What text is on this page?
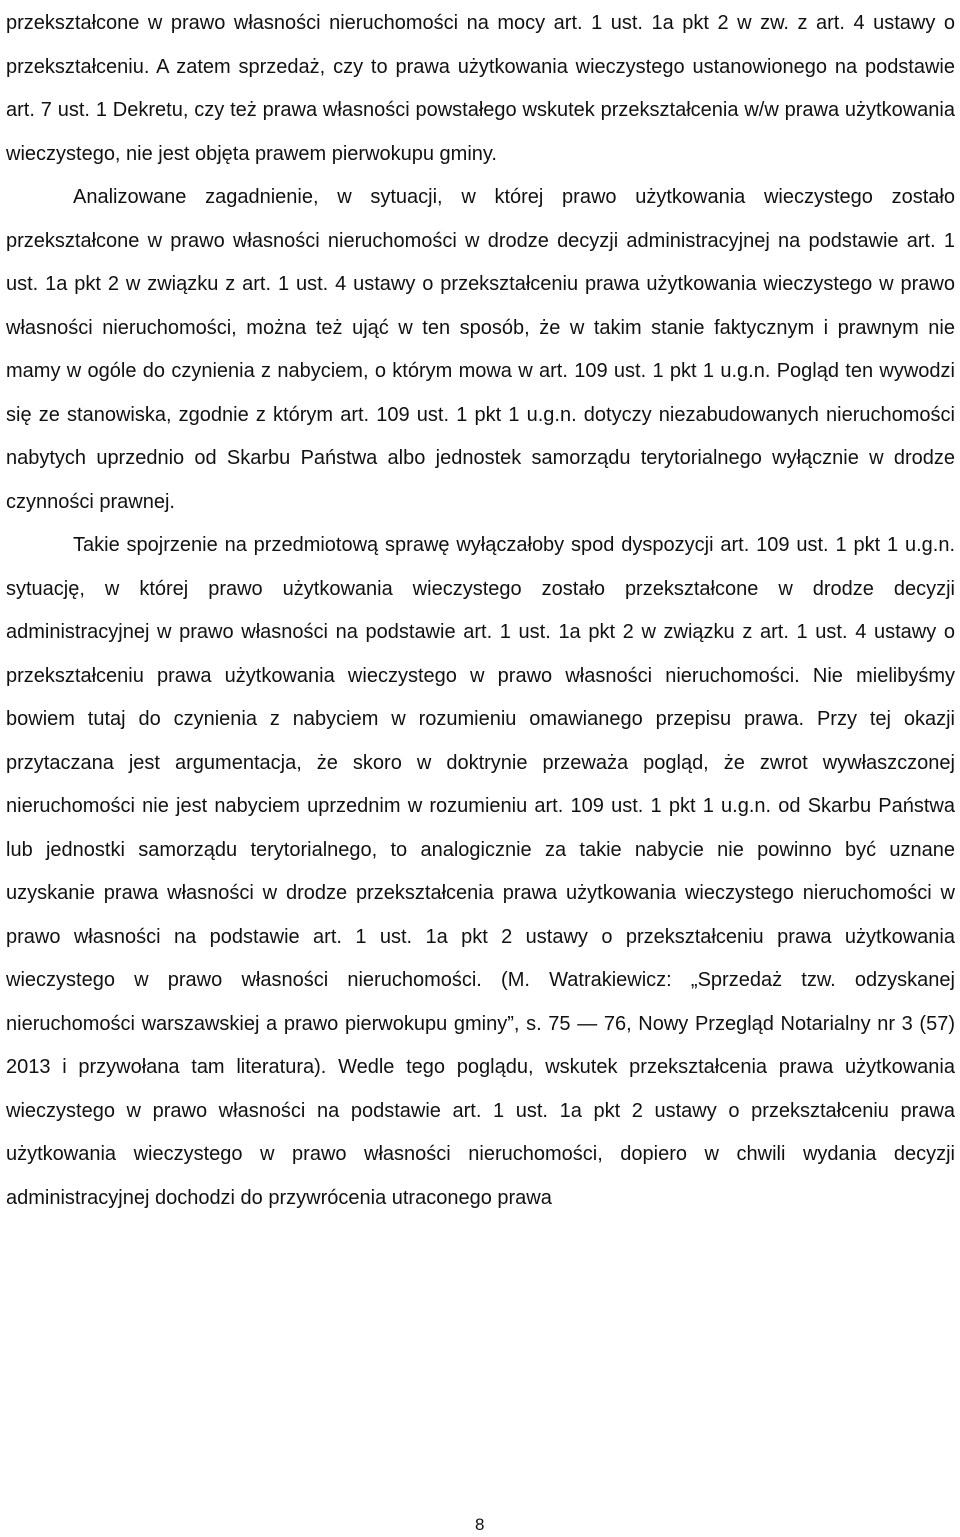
przekształcone w prawo własności nieruchomości na mocy art. 1 ust. 1a pkt 2 w zw. z art. 4 ustawy o przekształceniu. A zatem sprzedaż, czy to prawa użytkowania wieczystego ustanowionego na podstawie art. 7 ust. 1 Dekretu, czy też prawa własności powstałego wskutek przekształcenia w/w prawa użytkowania wieczystego, nie jest objęta prawem pierwokupu gminy.

Analizowane zagadnienie, w sytuacji, w której prawo użytkowania wieczystego zostało przekształcone w prawo własności nieruchomości w drodze decyzji administracyjnej na podstawie art. 1 ust. 1a pkt 2 w związku z art. 1 ust. 4 ustawy o przekształceniu prawa użytkowania wieczystego w prawo własności nieruchomości, można też ująć w ten sposób, że w takim stanie faktycznym i prawnym nie mamy w ogóle do czynienia z nabyciem, o którym mowa w art. 109 ust. 1 pkt 1 u.g.n. Pogląd ten wywodzi się ze stanowiska, zgodnie z którym art. 109 ust. 1 pkt 1 u.g.n. dotyczy niezabudowanych nieruchomości nabytych uprzednio od Skarbu Państwa albo jednostek samorządu terytorialnego wyłącznie w drodze czynności prawnej.

Takie spojrzenie na przedmiotową sprawę wyłączałoby spod dyspozycji art. 109 ust. 1 pkt 1 u.g.n. sytuację, w której prawo użytkowania wieczystego zostało przekształcone w drodze decyzji administracyjnej w prawo własności na podstawie art. 1 ust. 1a pkt 2 w związku z art. 1 ust. 4 ustawy o przekształceniu prawa użytkowania wieczystego w prawo własności nieruchomości. Nie mielibyśmy bowiem tutaj do czynienia z nabyciem w rozumieniu omawianego przepisu prawa. Przy tej okazji przytaczana jest argumentacja, że skoro w doktrynie przeważa pogląd, że zwrot wywłaszczonej nieruchomości nie jest nabyciem uprzednim w rozumieniu art. 109 ust. 1 pkt 1 u.g.n. od Skarbu Państwa lub jednostki samorządu terytorialnego, to analogicznie za takie nabycie nie powinno być uznane uzyskanie prawa własności w drodze przekształcenia prawa użytkowania wieczystego nieruchomości w prawo własności na podstawie art. 1 ust. 1a pkt 2 ustawy o przekształceniu prawa użytkowania wieczystego w prawo własności nieruchomości. (M. Watrakiewicz: „Sprzedaż tzw. odzyskanej nieruchomości warszawskiej a prawo pierwokupu gminy”, s. 75 — 76, Nowy Przegląd Notarialny nr 3 (57) 2013 i przywołana tam literatura). Wedle tego poglądu, wskutek przekształcenia prawa użytkowania wieczystego w prawo własności na podstawie art. 1 ust. 1a pkt 2 ustawy o przekształceniu prawa użytkowania wieczystego w prawo własności nieruchomości, dopiero w chwili wydania decyzji administracyjnej dochodzi do przywrócenia utraconego prawa

8
